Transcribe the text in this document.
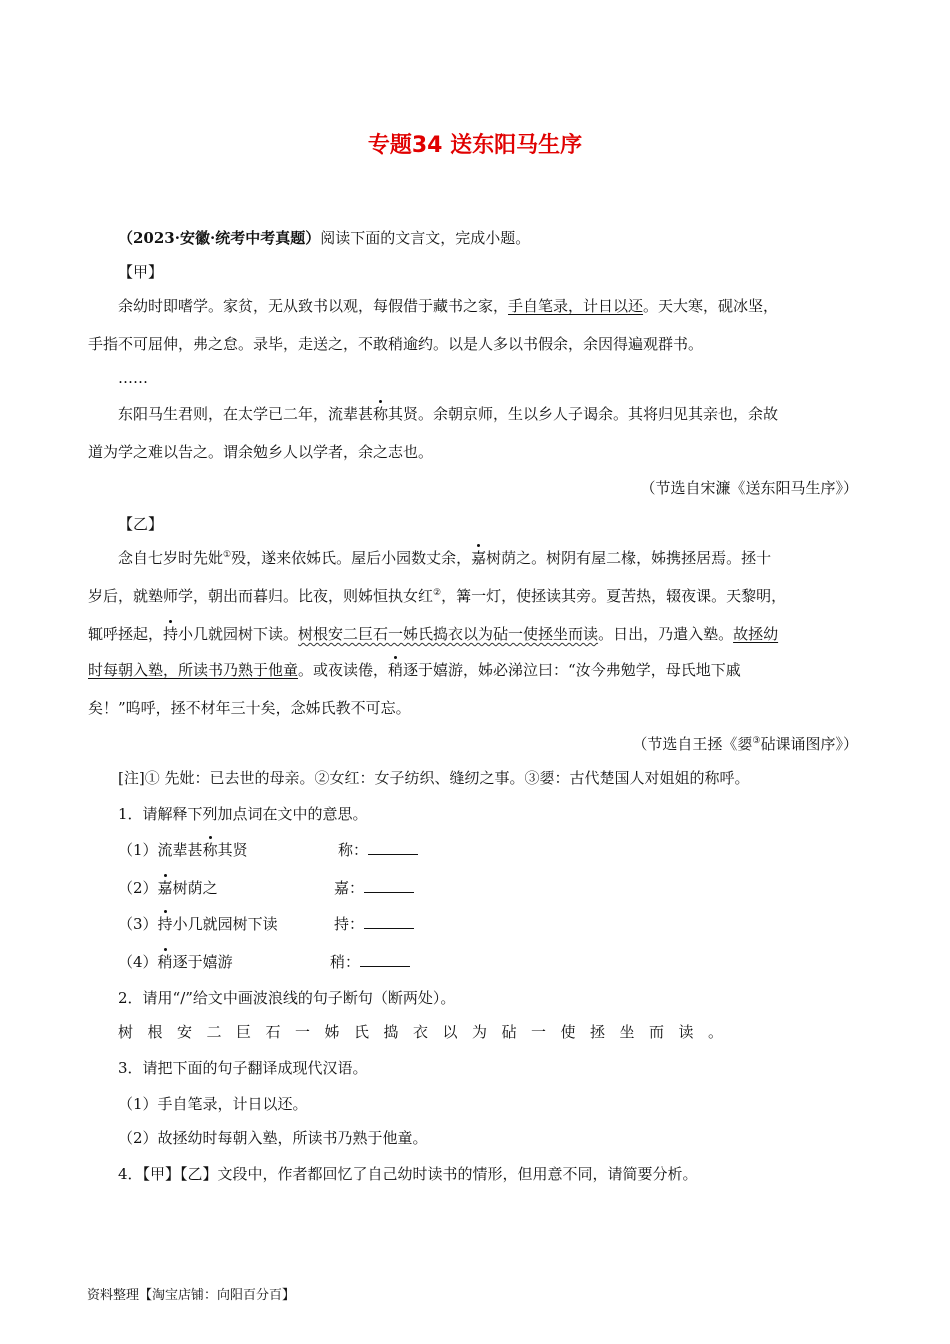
专题34 送东阳马生序
（2023·安徽·统考中考真题）阅读下面的文言文，完成小题。
【甲】
余幼时即嗜学。家贫，无从致书以观，每假借于藏书之家，手自笔录，计日以还。天大寒，砚冰坚，
手指不可屈伸，弗之怠。录毕，走送之，不敢稍逾约。以是人多以书假余，余因得遍观群书。
……
东阳马生君则，在太学已二年，流辈甚称其贤。余朝京师，生以乡人子谒余。其将归见其亲也，余故
道为学之难以告之。谓余勉乡人以学者，余之志也。
（节选自宋濂《送东阳马生序》）
【乙】
念自七岁时先妣①殁，遂来依姊氏。屋后小园数丈余，嘉树荫之。树阴有屋二椽，姊携拯居焉。拯十
岁后，就塾师学，朝出而暮归。比夜，则姊恒执女红②，篝一灯，使拯读其旁。夏苦热，辍夜课。天黎明，
辄呼拯起，持小几就园树下读。树根安二巨石一姊氏捣衣以为砧一使拯坐而读。日出，乃遣入塾。故拯幼
时每朝入塾，所读书乃熟于他童。或夜读倦，稍逐于嬉游，姊必涕泣曰：“汝今弗勉学，母氏地下戚
矣！”呜呼，拯不材年三十矣，念姊氏教不可忘。
（节选自王拯《媭③砧课诵图序》）
[注]① 先妣：已去世的母亲。②女红：女子纺织、缝纫之事。③媭：古代楚国人对姐姐的称呼。
1．请解释下列加点词在文中的意思。
（1）流辈甚称其贤	称：
（2）嘉树荫之	嘉：
（3）持小几就园树下读	持：
（4）稍逐于嬉游	稍：
2．请用“/”给文中画波浪线的句子断句（断两处）。
树根安二巨石一姊氏捣衣以为砧一使拯坐而读。
3．请把下面的句子翻译成现代汉语。
（1）手自笔录，计日以还。
（2）故拯幼时每朝入塾，所读书乃熟于他童。
4．【甲】【乙】文段中，作者都回忆了自己幼时读书的情形，但用意不同，请简要分析。
资料整理【淘宝店铺：向阳百分百】
